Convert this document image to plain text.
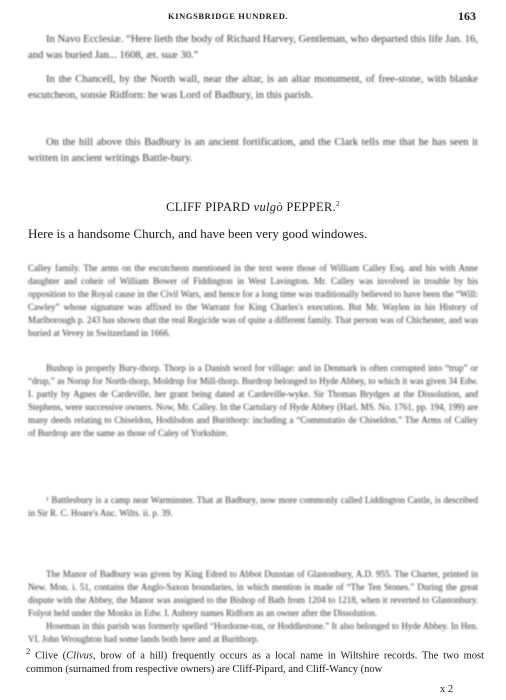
KINGSBRIDGE HUNDRED.	163

In Navo Ecclesiæ. “Here lieth the body of Richard Harvey, Gentleman, who departed this life Jan. 16, and was buried Jan... 1608, æt. suæ 30.”

In the Chancell, by the North wall, near the altar, is an altar monument, of free-stone, with blanke escutcheon, sonsie Ridforn: he was Lord of Badbury, in this parish.

On the hill above this Badbury is an ancient fortification, and the Clark tells me that he has seen it written in ancient writings Battle-bury.

CLIFF PIPARD vulgò PEPPER.$^2$

Here is a handsome Church, and have been very good windowes.

Calley family. The arms on the escutcheon mentioned in the text were those of William Calley Esq. and his with Anne daughter and coheir of William Bower of Fiddington in West Lavington. Mr. Calley was involved in trouble by his opposition to the Royal cause in the Civil Wars, and hence for a long time was traditionally believed to have been the “Will: Cawley” whose signature was affixed to the Warrant for King Charles's execution. But Mr. Waylen in his History of Marlborough p. 243 has shown that the real Regicide was of quite a different family. That person was of Chichester, and was buried at Vevey in Switzerland in 1666.

Bushop is properly Bury-thorp. Thorp is a Danish word for village: and in Denmark is often corrupted into “trup” or “drup,” as Norup for North-thorp, Moldrup for Mill-thorp. Burdrop belonged to Hyde Abbey, to which it was given 34 Edw. I. partly by Agnes de Cardeville, her grant being dated at Cardeville-wyke. Sir Thomas Brydges at the Dissolution, and Stephens, were successive owners. Now, Mr. Calley. In the Cartulary of Hyde Abbey (Harl. MS. No. 1761, pp. 194, 199) are many deeds relating to Chiseldon, Hodilsdon and Burithorp: including a “Commutatio de Chiseldon.” The Arms of Calley of Burdrop are the same as those of Caley of Yorkshire.

¹ Battlesbury is a camp near Warminster. That at Badbury, now more commonly called Liddington Castle, is described in Sir R. C. Hoare's Anc. Wilts. ii. p. 39.

The Manor of Badbury was given by King Edred to Abbot Dunstan of Glastonbury, A.D. 955. The Charter, printed in New. Mon. i. 51, contains the Anglo-Saxon boundaries, in which mention is made of “The Ten Stones.” During the great dispute with the Abbey, the Manor was assigned to the Bishop of Bath from 1204 to 1218, when it reverted to Glastonbury. Folyot held under the Monks in Edw. I. Aubrey names Ridforn as an owner after the Dissolution.
Hoseman in this parish was formerly spelled “Hordorne-ton, or Hoddlestone.” It also belonged to Hyde Abbey. In Hen. VI. John Wroughton had some lands both here and at Burithorp.

$^2$ Clive (Clivus, brow of a hill) frequently occurs as a local name in Wiltshire records. The two most common (surnamed from respective owners) are Cliff-Pipard, and Cliff-Wancy (now

x 2
